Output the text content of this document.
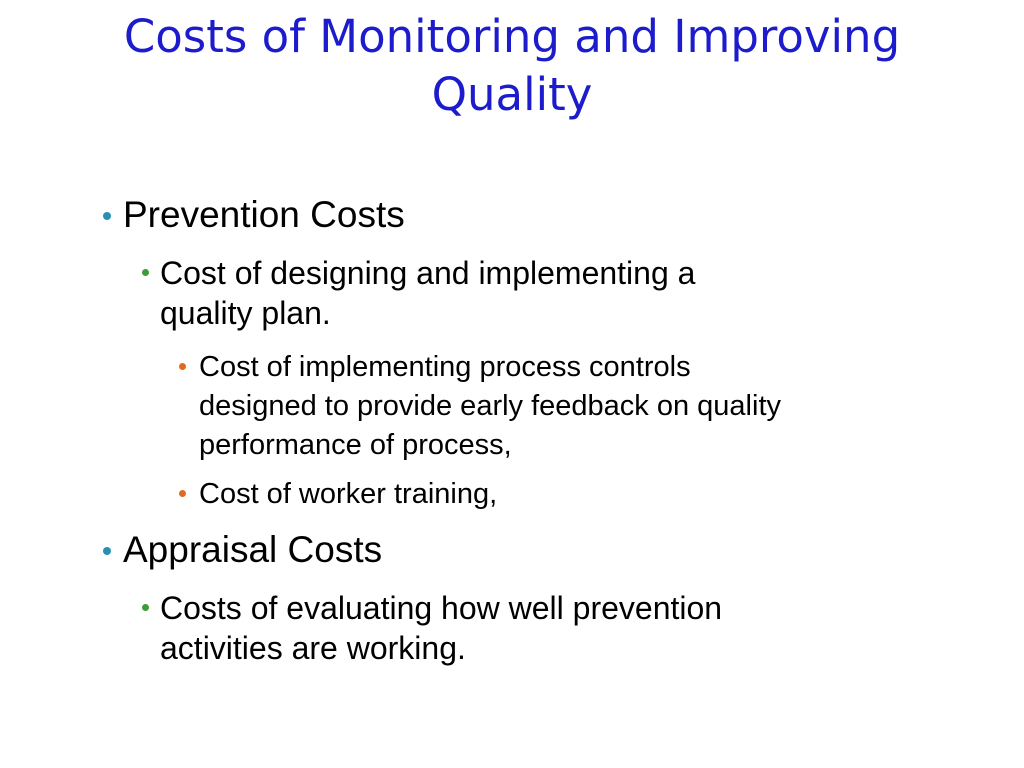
Costs of Monitoring and Improving
Quality
Prevention Costs
Cost of designing and implementing a
quality plan.
Cost of implementing process controls
designed to provide early feedback on quality
performance of process,
Cost of worker training,
Appraisal Costs
Costs of evaluating how well prevention
activities are working.
